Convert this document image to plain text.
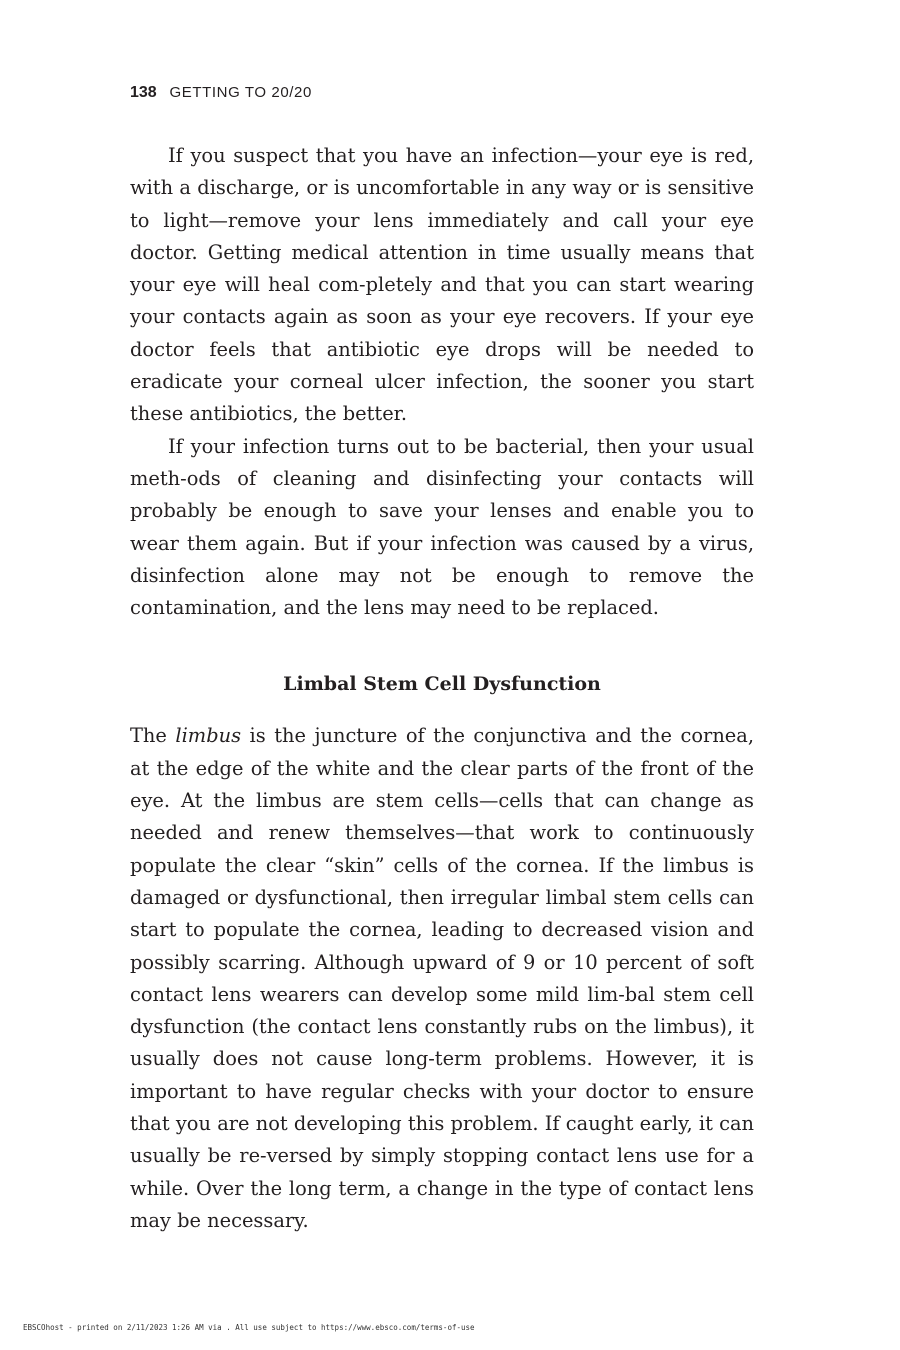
138 GETTING TO 20/20

If you suspect that you have an infection—your eye is red, with a discharge, or is uncomfortable in any way or is sensitive to light—remove your lens immediately and call your eye doctor. Getting medical attention in time usually means that your eye will heal com-pletely and that you can start wearing your contacts again as soon as your eye recovers. If your eye doctor feels that antibiotic eye drops will be needed to eradicate your corneal ulcer infection, the sooner you start these antibiotics, the better.

If your infection turns out to be bacterial, then your usual meth-ods of cleaning and disinfecting your contacts will probably be enough to save your lenses and enable you to wear them again. But if your infection was caused by a virus, disinfection alone may not be enough to remove the contamination, and the lens may need to be replaced.

Limbal Stem Cell Dysfunction

The limbus is the juncture of the conjunctiva and the cornea, at the edge of the white and the clear parts of the front of the eye. At the limbus are stem cells—cells that can change as needed and renew themselves—that work to continuously populate the clear “skin” cells of the cornea. If the limbus is damaged or dysfunctional, then irregular limbal stem cells can start to populate the cornea, leading to decreased vision and possibly scarring. Although upward of 9 or 10 percent of soft contact lens wearers can develop some mild lim-bal stem cell dysfunction (the contact lens constantly rubs on the limbus), it usually does not cause long-term problems. However, it is important to have regular checks with your doctor to ensure that you are not developing this problem. If caught early, it can usually be re-versed by simply stopping contact lens use for a while. Over the long term, a change in the type of contact lens may be necessary.

EBSCOhost - printed on 2/11/2023 1:26 AM via . All use subject to https://www.ebsco.com/terms-of-use
